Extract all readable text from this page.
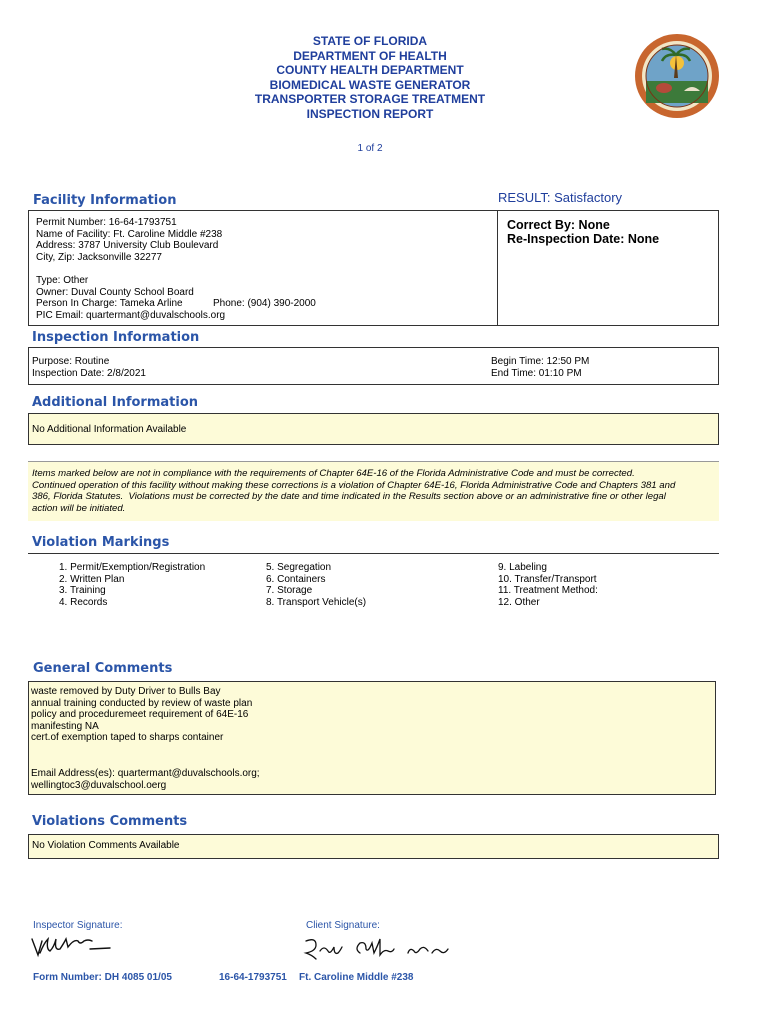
STATE OF FLORIDA
DEPARTMENT OF HEALTH
COUNTY HEALTH DEPARTMENT
BIOMEDICAL WASTE GENERATOR
TRANSPORTER STORAGE TREATMENT
INSPECTION REPORT
1 of 2
Facility Information	RESULT: Satisfactory
Permit Number: 16-64-1793751
Name of Facility: Ft. Caroline Middle #238
Address: 3787 University Club Boulevard
City, Zip: Jacksonville 32277
Type: Other
Owner: Duval County School Board
Person In Charge: Tameka Arline
PIC Email: quartermant@duvalschools.org
Phone: (904) 390-2000
Correct By: None
Re-Inspection Date: None
Inspection Information
Purpose: Routine
Inspection Date: 2/8/2021
Begin Time: 12:50 PM
End Time: 01:10 PM
Additional Information
No Additional Information Available
Items marked below are not in compliance with the requirements of Chapter 64E-16 of the Florida Administrative Code and must be corrected.
Continued operation of this facility without making these corrections is a violation of Chapter 64E-16, Florida Administrative Code and Chapters 381 and
386, Florida Statutes.  Violations must be corrected by the date and time indicated in the Results section above or an administrative fine or other legal
action will be initiated.
Violation Markings
1. Permit/Exemption/Registration
2. Written Plan
3. Training
4. Records
5. Segregation
6. Containers
7. Storage
8. Transport Vehicle(s)
9. Labeling
10. Transfer/Transport
11. Treatment Method:
12. Other
General Comments
waste removed by Duty Driver to Bulls Bay
annual training conducted by review of waste plan
policy and proceduremeet requirement of 64E-16
manifesting NA
cert.of exemption taped to sharps container
Email Address(es): quartermant@duvalschools.org;
wellingtoc3@duvalschool.oerg
Violations Comments
No Violation Comments Available
Inspector Signature:	Client Signature:
Form Number: DH 4085 01/05	16-64-1793751 Ft. Caroline Middle #238
